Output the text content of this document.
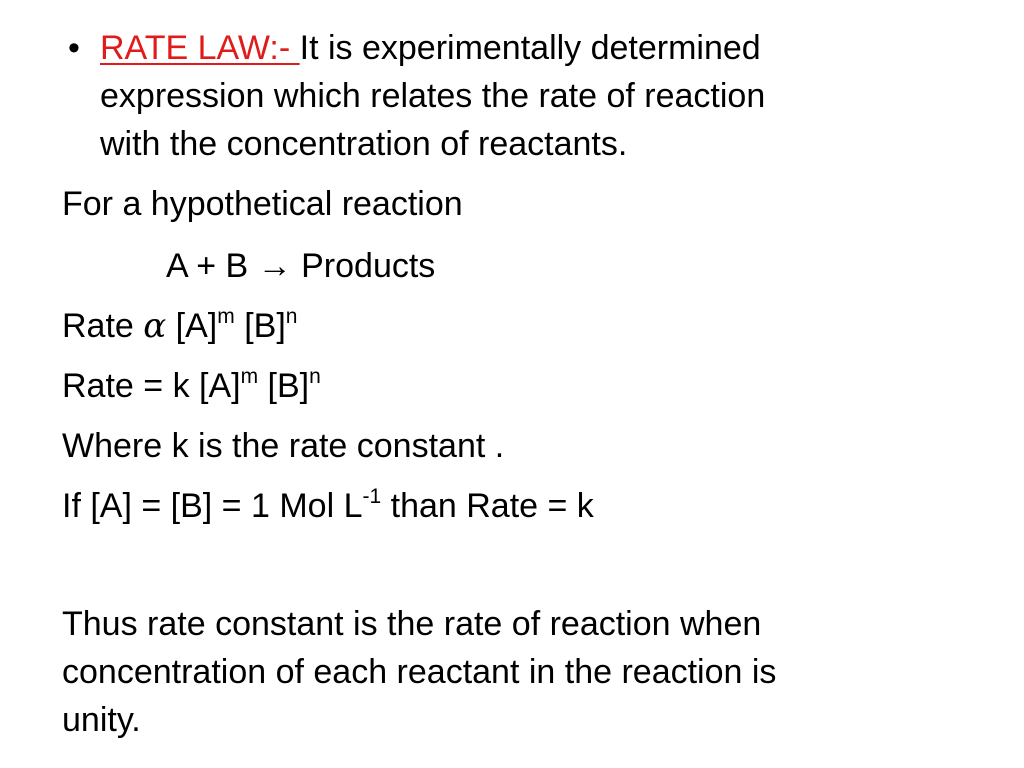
• RATE LAW:- It is experimentally determined
expression which relates the rate of reaction
with the concentration of reactants.
For a hypothetical reaction
A + B → Products
Rate α $[A]^m$ $[B]^n$
Rate = k $[A]^m$ $[B]^n$
Where k is the rate constant .
If [A] = [B] = 1 Mol $L^{-1}$ than Rate = k
Thus rate constant is the rate of reaction when
concentration of each reactant in the reaction is
unity.
